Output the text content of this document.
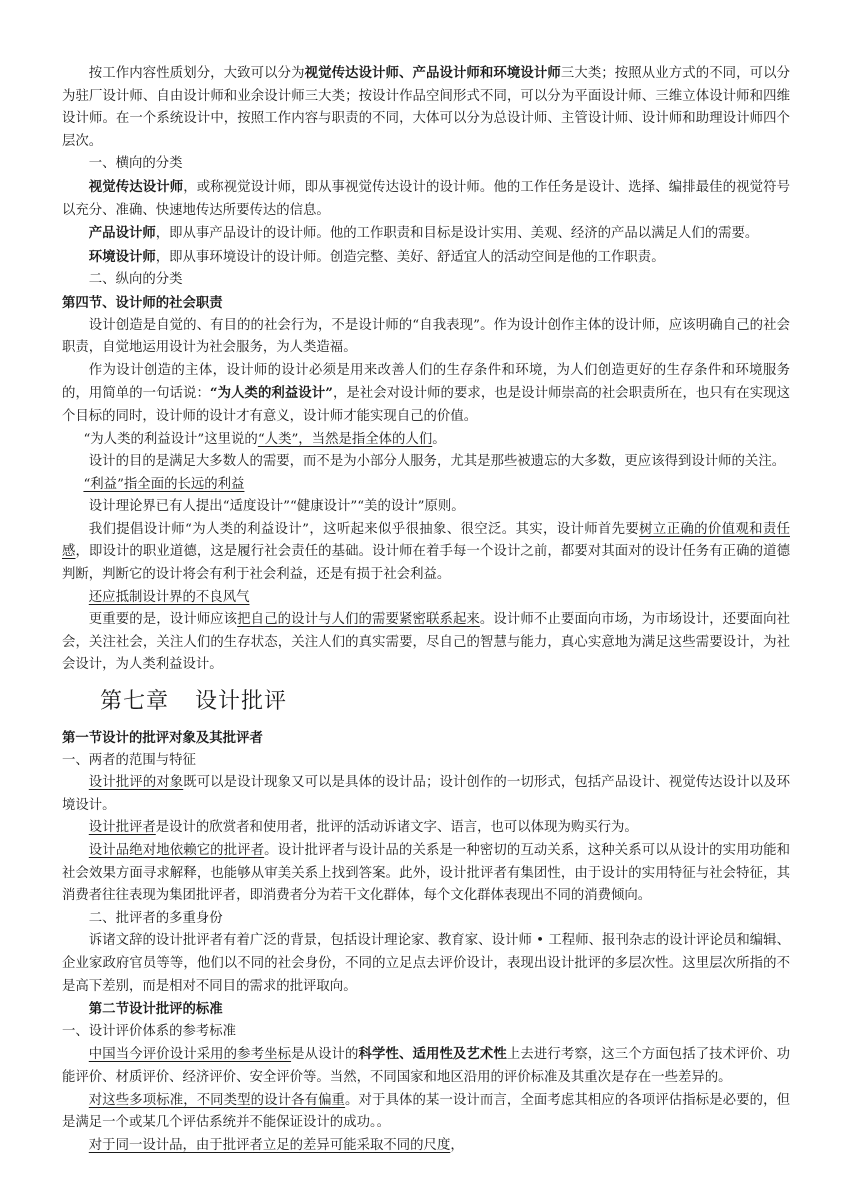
按工作内容性质划分，大致可以分为视觉传达设计师、产品设计师和环境设计师三大类；按照从业方式的不同，可以分为驻厂设计师、自由设计师和业余设计师三大类；按设计作品空间形式不同，可以分为平面设计师、三维立体设计师和四维设计师。在一个系统设计中，按照工作内容与职责的不同，大体可以分为总设计师、主管设计师、设计师和助理设计师四个层次。

一、横向的分类

视觉传达设计师，或称视觉设计师，即从事视觉传达设计的设计师。他的工作任务是设计、选择、编排最佳的视觉符号以充分、准确、快速地传达所要传达的信息。

产品设计师，即从事产品设计的设计师。他的工作职责和目标是设计实用、美观、经济的产品以满足人们的需要。

环境设计师，即从事环境设计的设计师。创造完整、美好、舒适宜人的活动空间是他的工作职责。

二、纵向的分类

第四节、设计师的社会职责

设计创造是自觉的、有目的的社会行为，不是设计师的“自我表现”。作为设计创作主体的设计师，应该明确自己的社会职责，自觉地运用设计为社会服务，为人类造福。

作为设计创造的主体，设计师的设计必须是用来改善人们的生存条件和环境，为人们创造更好的生存条件和环境服务的，用简单的一句话说：“为人类的利益设计”，是社会对设计师的要求，也是设计师崇高的社会职责所在，也只有在实现这个目标的同时，设计师的设计才有意义，设计师才能实现自己的价值。

“为人类的利益设计”这里说的“人类”，当然是指全体的人们。

设计的目的是满足大多数人的需要，而不是为小部分人服务，尤其是那些被遗忘的大多数，更应该得到设计师的关注。

“利益”指全面的长远的利益

设计理论界已有人提出“适度设计”“健康设计”“美的设计”原则。

我们提倡设计师“为人类的利益设计”，这听起来似乎很抽象、很空泛。其实，设计师首先要树立正确的价值观和责任感，即设计的职业道德，这是履行社会责任的基础。设计师在着手每一个设计之前，都要对其面对的设计任务有正确的道德判断，判断它的设计将会有利于社会利益，还是有损于社会利益。

还应抵制设计界的不良风气

更重要的是，设计师应该把自己的设计与人们的需要紧密联系起来。设计师不止要面向市场，为市场设计，还要面向社会，关注社会，关注人们的生存状态，关注人们的真实需要，尽自己的智慧与能力，真心实意地为满足这些需要设计，为社会设计，为人类利益设计。

第七章 设计批评

第一节设计的批评对象及其批评者

一、两者的范围与特征

设计批评的对象既可以是设计现象又可以是具体的设计品；设计创作的一切形式，包括产品设计、视觉传达设计以及环境设计。

设计批评者是设计的欣赏者和使用者，批评的活动诉诸文字、语言，也可以体现为购买行为。

设计品绝对地依赖它的批评者。设计批评者与设计品的关系是一种密切的互动关系，这种关系可以从设计的实用功能和社会效果方面寻求解释，也能够从审美关系上找到答案。此外，设计批评者有集团性，由于设计的实用特征与社会特征，其消费者往往表现为集团批评者，即消费者分为若干文化群体，每个文化群体表现出不同的消费倾向。

二、批评者的多重身份

诉诸文辞的设计批评者有着广泛的背景，包括设计理论家、教育家、设计师 • 工程师、报刊杂志的设计评论员和编辑、企业家政府官员等等，他们以不同的社会身份，不同的立足点去评价设计，表现出设计批评的多层次性。这里层次所指的不是高下差别，而是相对不同目的需求的批评取向。

第二节设计批评的标准

一、设计评价体系的参考标准

中国当今评价设计采用的参考坐标是从设计的科学性、适用性及艺术性上去进行考察，这三个方面包括了技术评价、功能评价、材质评价、经济评价、安全评价等。当然，不同国家和地区沿用的评价标准及其重次是存在一些差异的。

对这些多项标准，不同类型的设计各有偏重。对于具体的某一设计而言，全面考虑其相应的各项评估指标是必要的，但是满足一个或某几个评估系统并不能保证设计的成功。。

对于同一设计品，由于批评者立足的差异可能采取不同的尺度，
